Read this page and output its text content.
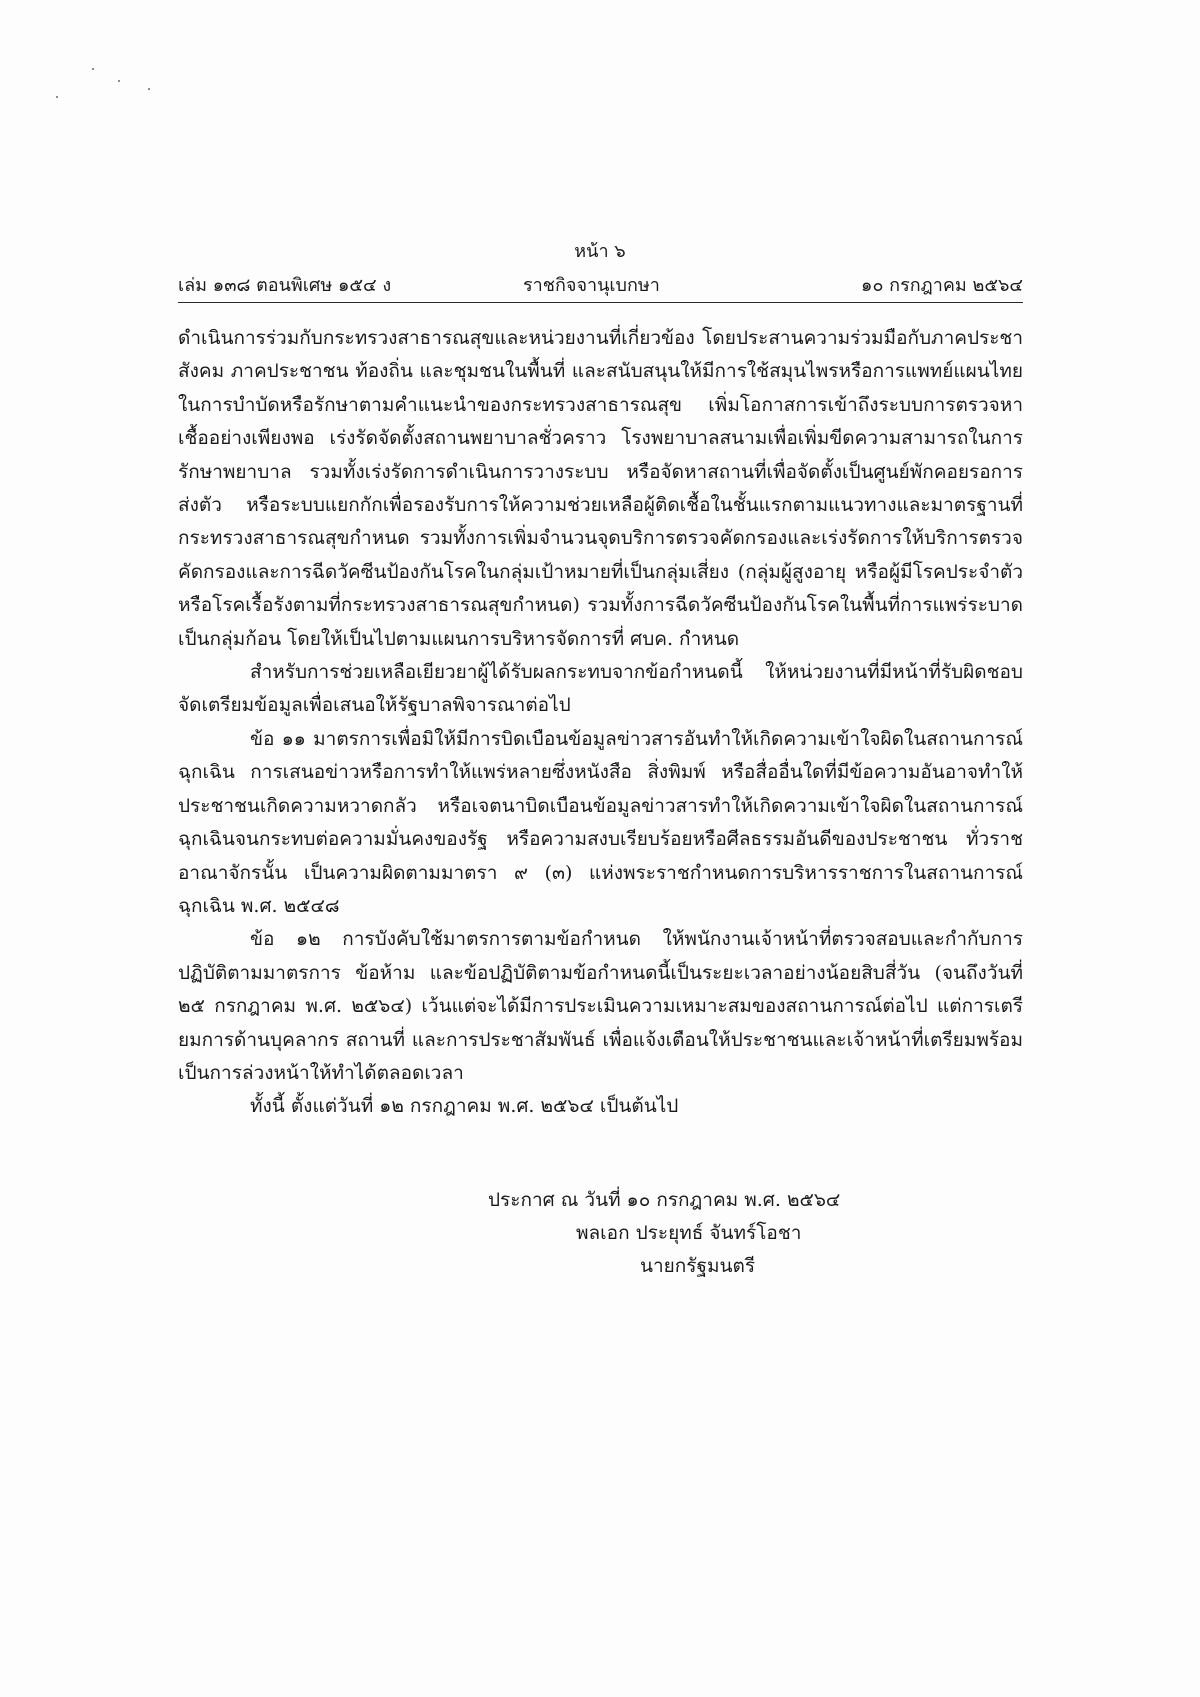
หน้า ๖
เล่ม ๑๓๘ ตอนพิเศษ ๑๕๔ ง	ราชกิจจานุเบกษา	๑๐ กรกฎาคม ๒๕๖๔

ดำเนินการร่วมกับกระทรวงสาธารณสุขและหน่วยงานที่เกี่ยวข้อง โดยประสานความร่วมมือกับภาคประชาสังคม ภาคประชาชน ท้องถิ่น และชุมชนในพื้นที่ และสนับสนุนให้มีการใช้สมุนไพรหรือการแพทย์แผนไทยในการบำบัดหรือรักษาตามคำแนะนำของกระทรวงสาธารณสุข เพิ่มโอกาสการเข้าถึงระบบการตรวจหาเชื้ออย่างเพียงพอ เร่งรัดจัดตั้งสถานพยาบาลชั่วคราว โรงพยาบาลสนามเพื่อเพิ่มขีดความสามารถในการรักษาพยาบาล รวมทั้งเร่งรัดการดำเนินการวางระบบ หรือจัดหาสถานที่เพื่อจัดตั้งเป็นศูนย์พักคอยรอการส่งตัว หรือระบบแยกกักเพื่อรองรับการให้ความช่วยเหลือผู้ติดเชื้อในชั้นแรกตามแนวทางและมาตรฐานที่กระทรวงสาธารณสุขกำหนด รวมทั้งการเพิ่มจำนวนจุดบริการตรวจคัดกรองและเร่งรัดการให้บริการตรวจคัดกรองและการฉีดวัคซีนป้องกันโรคในกลุ่มเป้าหมายที่เป็นกลุ่มเสี่ยง (กลุ่มผู้สูงอายุ หรือผู้มีโรคประจำตัว หรือโรคเรื้อรังตามที่กระทรวงสาธารณสุขกำหนด) รวมทั้งการฉีดวัคซีนป้องกันโรคในพื้นที่การแพร่ระบาดเป็นกลุ่มก้อน โดยให้เป็นไปตามแผนการบริหารจัดการที่ ศบค. กำหนด

สำหรับการช่วยเหลือเยียวยาผู้ได้รับผลกระทบจากข้อกำหนดนี้ ให้หน่วยงานที่มีหน้าที่รับผิดชอบจัดเตรียมข้อมูลเพื่อเสนอให้รัฐบาลพิจารณาต่อไป

ข้อ ๑๑ มาตรการเพื่อมิให้มีการบิดเบือนข้อมูลข่าวสารอันทำให้เกิดความเข้าใจผิดในสถานการณ์ฉุกเฉิน การเสนอข่าวหรือการทำให้แพร่หลายซึ่งหนังสือ สิ่งพิมพ์ หรือสื่ออื่นใดที่มีข้อความอันอาจทำให้ประชาชนเกิดความหวาดกลัว หรือเจตนาบิดเบือนข้อมูลข่าวสารทำให้เกิดความเข้าใจผิดในสถานการณ์ฉุกเฉินจนกระทบต่อความมั่นคงของรัฐ หรือความสงบเรียบร้อยหรือศีลธรรมอันดีของประชาชน ทั่วราชอาณาจักรนั้น เป็นความผิดตามมาตรา ๙ (๓) แห่งพระราชกำหนดการบริหารราชการในสถานการณ์ฉุกเฉิน พ.ศ. ๒๕๔๘

ข้อ ๑๒ การบังคับใช้มาตรการตามข้อกำหนด ให้พนักงานเจ้าหน้าที่ตรวจสอบและกำกับการปฏิบัติตามมาตรการ ข้อห้าม และข้อปฏิบัติตามข้อกำหนดนี้เป็นระยะเวลาอย่างน้อยสิบสี่วัน (จนถึงวันที่ ๒๕ กรกฎาคม พ.ศ. ๒๕๖๔) เว้นแต่จะได้มีการประเมินความเหมาะสมของสถานการณ์ต่อไป แต่การเตรียมการด้านบุคลากร สถานที่ และการประชาสัมพันธ์ เพื่อแจ้งเตือนให้ประชาชนและเจ้าหน้าที่เตรียมพร้อมเป็นการล่วงหน้าให้ทำได้ตลอดเวลา

ทั้งนี้ ตั้งแต่วันที่ ๑๒ กรกฎาคม พ.ศ. ๒๕๖๔ เป็นต้นไป

ประกาศ ณ วันที่ ๑๐ กรกฎาคม พ.ศ. ๒๕๖๔
พลเอก ประยุทธ์ จันทร์โอชา
นายกรัฐมนตรี
